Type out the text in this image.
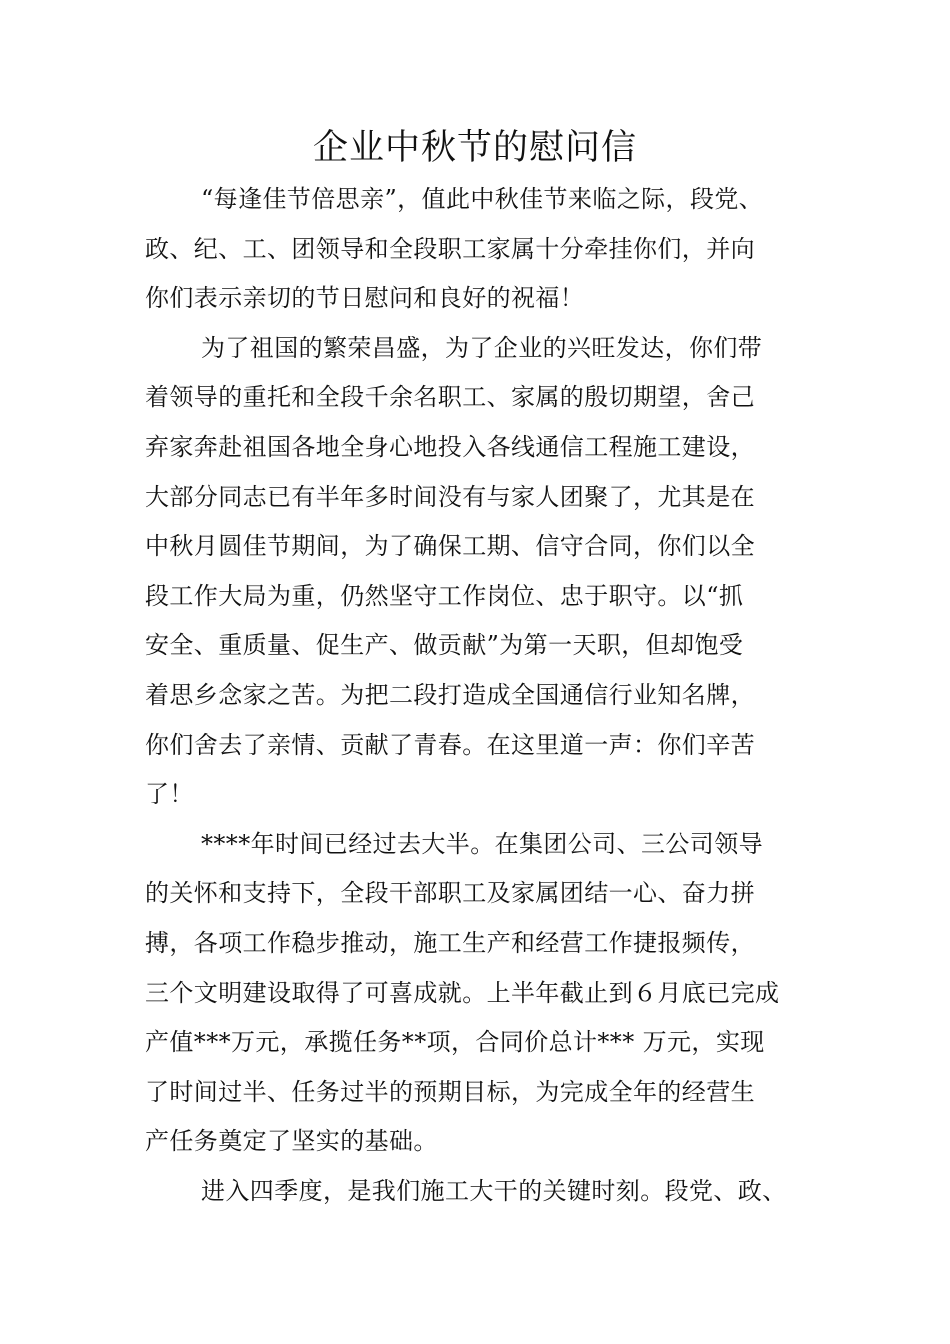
企业中秋节的慰问信
“每逢佳节倍思亲”，值此中秋佳节来临之际，段党、
政、纪、工、团领导和全段职工家属十分牵挂你们，并向
你们表示亲切的节日慰问和良好的祝福！
为了祖国的繁荣昌盛，为了企业的兴旺发达，你们带
着领导的重托和全段千余名职工、家属的殷切期望，舍己
弃家奔赴祖国各地全身心地投入各线通信工程施工建设，
大部分同志已有半年多时间没有与家人团聚了，尤其是在
中秋月圆佳节期间，为了确保工期、信守合同，你们以全
段工作大局为重，仍然坚守工作岗位、忠于职守。以“抓
安全、重质量、促生产、做贡献”为第一天职，但却饱受
着思乡念家之苦。为把二段打造成全国通信行业知名牌，
你们舍去了亲情、贡献了青春。在这里道一声：你们辛苦
了！
****年时间已经过去大半。在集团公司、三公司领导
的关怀和支持下，全段干部职工及家属团结一心、奋力拼
搏，各项工作稳步推动，施工生产和经营工作捷报频传，
三个文明建设取得了可喜成就。上半年截止到６月底已完成
产值***万元，承揽任务**项，合同价总计*** 万元，实现
了时间过半、任务过半的预期目标，为完成全年的经营生
产任务奠定了坚实的基础。
进入四季度，是我们施工大干的关键时刻。段党、政、
